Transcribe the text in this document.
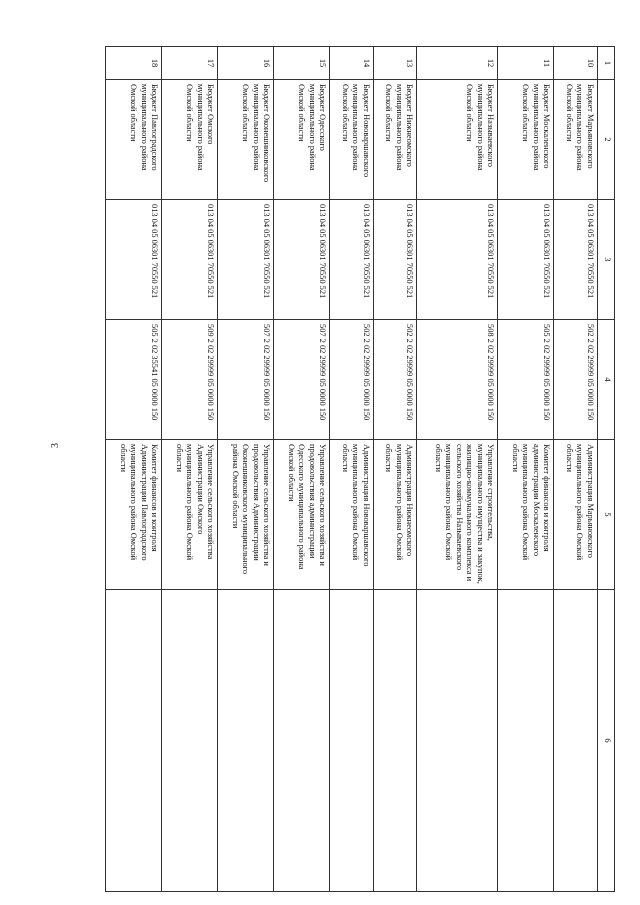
3
1	2	3	4	5	6
10	Бюджет Марьяновского муниципального района Омской области	013 04 05 06301 70550 521	502 2 02 29999 05 0000 150	Администрация Марьяновского муниципального района Омской области	
11	Бюджет Москаленского муниципального района Омской области	013 04 05 06301 70550 521	505 2 02 29999 05 0000 150	Комитет финансов и контроля администрации Москаленского муниципального района Омской области	
12	Бюджет Называевского муниципального района Омской области	013 04 05 06301 70550 521	508 2 02 29999 05 0000 150	Управление строительства, муниципального имущества и закупок, жилищно-коммунального комплекса и сельского хозяйства Называевского муниципального района Омской области	
13	Бюджет Нижнеомского муниципального района Омской области	013 04 05 06301 70550 521	502 2 02 29999 05 0000 150	Администрация Нижнеомского муниципального района Омской области	
14	Бюджет Нововаршавского муниципального района Омской области	013 04 05 06301 70550 521	502 2 02 29999 05 0000 150	Администрация Нововаршавского муниципального района Омской области	
15	Бюджет Одесского муниципального района Омской области	013 04 05 06301 70550 521	507 2 02 29999 05 0000 150	Управление сельского хозяйства и продовольствия администрации Одесского муниципального района Омской области	
16	Бюджет Оконешниковского муниципального района Омской области	013 04 05 06301 70550 521	507 2 02 29999 05 0000 150	Управление сельского хозяйства и продовольствия Администрации Оконешниковского муниципального района Омской области	
17	Бюджет Омского муниципального района Омской области	013 04 05 06301 70550 521	509 2 02 29999 05 0000 150	Управление сельского хозяйства Администрации Омского муниципального района Омской области	
18	Бюджет Павлоградского муниципального района Омской области	013 04 05 06301 70550 521	505 2 02 35541 05 0000 150	Комитет финансов и контроля Администрации Павлоградского муниципального района Омской области	
